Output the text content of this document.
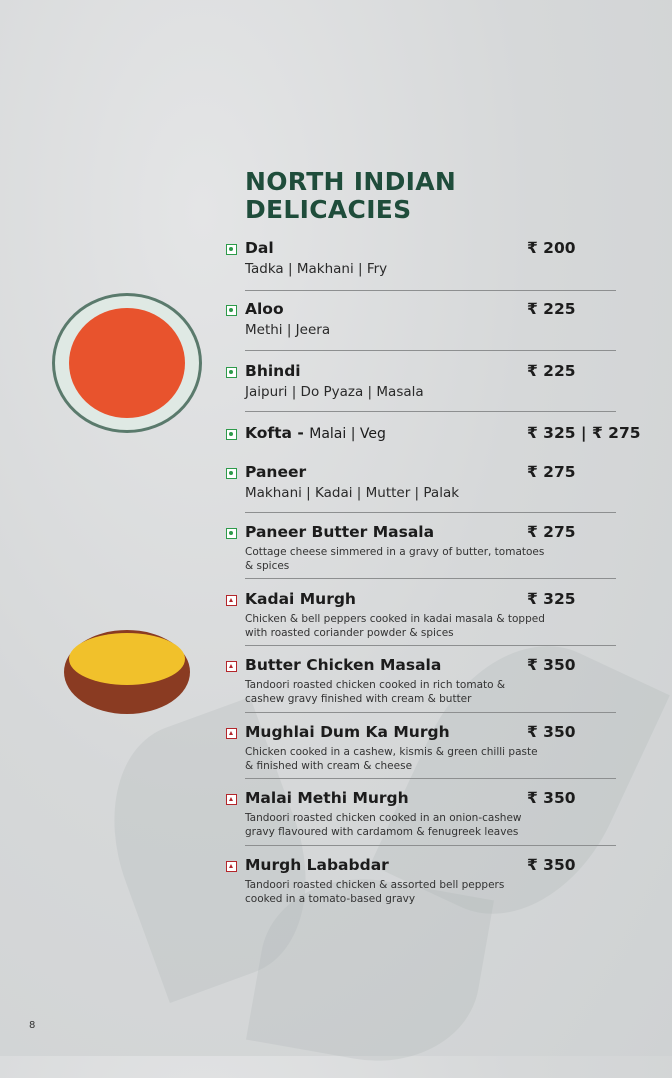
NORTH INDIAN
DELICACIES
Dal	₹ 200
Tadka | Makhani | Fry
Aloo	₹ 225
Methi | Jeera
Bhindi	₹ 225
Jaipuri | Do Pyaza | Masala
Kofta - Malai | Veg	₹ 325 | ₹ 275
Paneer	₹ 275
Makhani | Kadai | Mutter | Palak
Paneer Butter Masala	₹ 275
Cottage cheese simmered in a gravy of butter, tomatoes & spices
Kadai Murgh	₹ 325
Chicken & bell peppers cooked in kadai masala & topped with roasted coriander powder & spices
Butter Chicken Masala	₹ 350
Tandoori roasted chicken cooked in rich tomato & cashew gravy finished with cream & butter
Mughlai Dum Ka Murgh	₹ 350
Chicken cooked in a cashew, kismis & green chilli paste & finished with cream & cheese
Malai Methi Murgh	₹ 350
Tandoori roasted chicken cooked in an onion-cashew gravy flavoured with cardamom & fenugreek leaves
Murgh Lababdar	₹ 350
Tandoori roasted chicken & assorted bell peppers cooked in a tomato-based gravy
8
